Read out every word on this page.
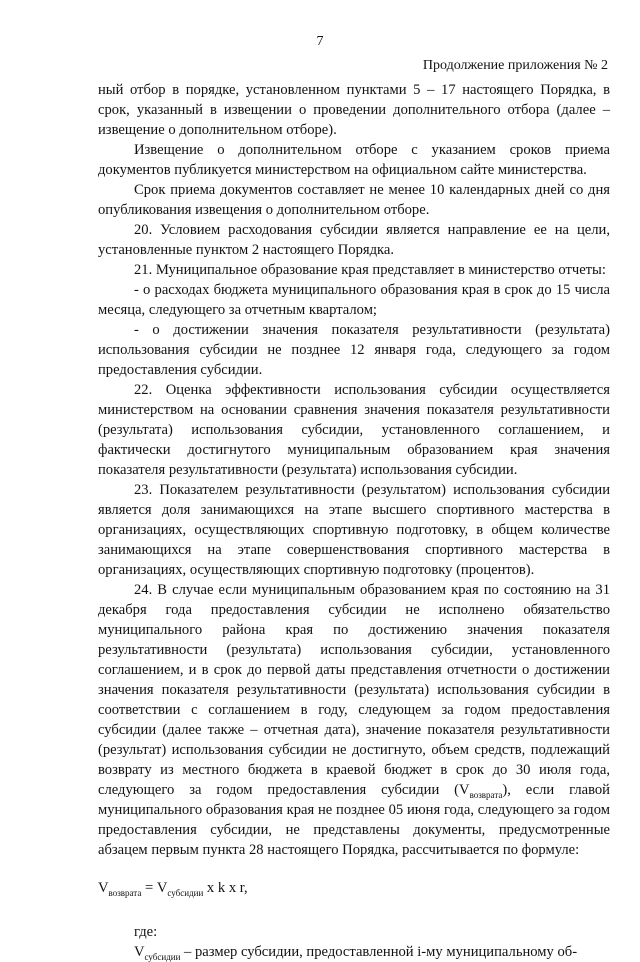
7
Продолжение приложения № 2

ный отбор в порядке, установленном пунктами 5 – 17 настоящего Порядка, в срок, указанный в извещении о проведении дополнительного отбора (далее – извещение о дополнительном отборе).

Извещение о дополнительном отборе с указанием сроков приема документов публикуется министерством на официальном сайте министерства.

Срок приема документов составляет не менее 10 календарных дней со дня опубликования извещения о дополнительном отборе.

20. Условием расходования субсидии является направление ее на цели, установленные пунктом 2 настоящего Порядка.

21. Муниципальное образование края представляет в министерство отчеты:

- о расходах бюджета муниципального образования края в срок до 15 числа месяца, следующего за отчетным кварталом;

- о достижении значения показателя результативности (результата) использования субсидии не позднее 12 января года, следующего за годом предоставления субсидии.

22. Оценка эффективности использования субсидии осуществляется министерством на основании сравнения значения показателя результативности (результата) использования субсидии, установленного соглашением, и фактически достигнутого муниципальным образованием края значения показателя результативности (результата) использования субсидии.

23. Показателем результативности (результатом) использования субсидии является доля занимающихся на этапе высшего спортивного мастерства в организациях, осуществляющих спортивную подготовку, в общем количестве занимающихся на этапе совершенствования спортивного мастерства в организациях, осуществляющих спортивную подготовку (процентов).

24. В случае если муниципальным образованием края по состоянию на 31 декабря года предоставления субсидии не исполнено обязательство муниципального района края по достижению значения показателя результативности (результата) использования субсидии, установленного соглашением, и в срок до первой даты представления отчетности о достижении значения показателя результативности (результата) использования субсидии в соответствии с соглашением в году, следующем за годом предоставления субсидии (далее также – отчетная дата), значение показателя результативности (результат) использования субсидии не достигнуто, объем средств, подлежащий возврату из местного бюджета в краевой бюджет в срок до 30 июля года, следующего за годом предоставления субсидии $(V_{возврата})$, если главой муниципального образования края не позднее 05 июня года, следующего за годом предоставления субсидии, не представлены документы, предусмотренные абзацем первым пункта 28 настоящего Порядка, рассчитывается по формуле:

$V_{возврата} = V_{субсидии}$ x k x r,

где:

$V_{субсидии}$ – размер субсидии, предоставленной i-му муниципальному об-
